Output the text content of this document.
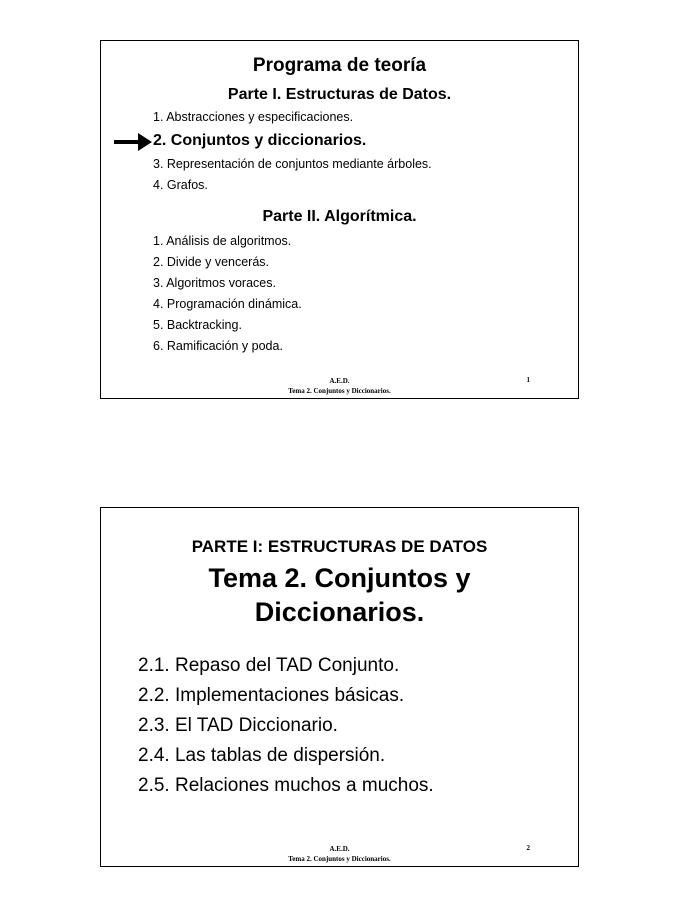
Programa de teoría
Parte I. Estructuras de Datos.
1. Abstracciones y especificaciones.
2. Conjuntos y diccionarios.
3. Representación de conjuntos mediante árboles.
4. Grafos.
Parte II. Algorítmica.
1. Análisis de algoritmos.
2. Divide y vencerás.
3. Algoritmos voraces.
4. Programación dinámica.
5. Backtracking.
6. Ramificación y poda.
1
A.E.D.
Tema 2. Conjuntos y Diccionarios.
PARTE I: ESTRUCTURAS DE DATOS
Tema 2. Conjuntos y
Diccionarios.
2.1. Repaso del TAD Conjunto.
2.2. Implementaciones básicas.
2.3. El TAD Diccionario.
2.4. Las tablas de dispersión.
2.5. Relaciones muchos a muchos.
2
A.E.D.
Tema 2. Conjuntos y Diccionarios.
